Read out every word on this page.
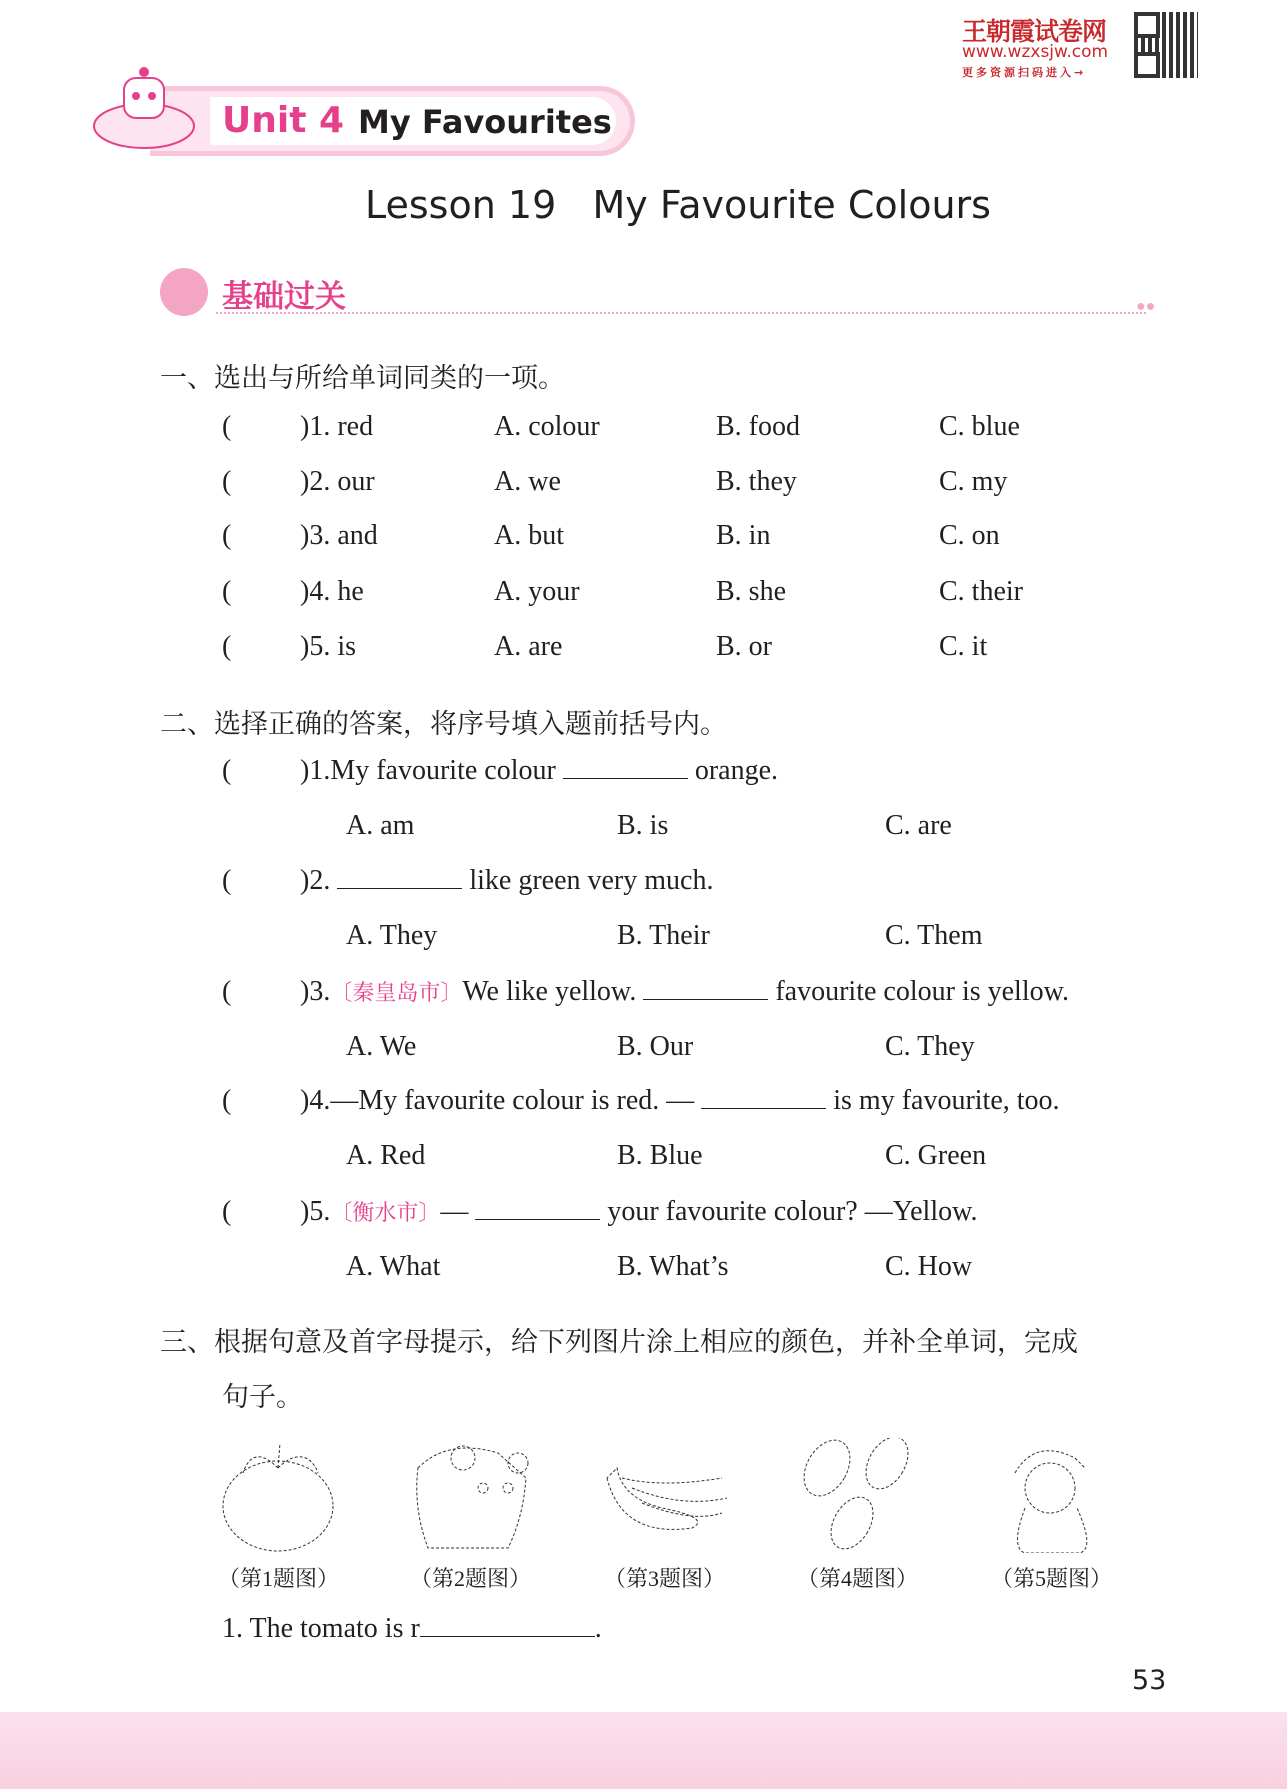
王朝霞试卷网
www.wzxsjw.com
更多资源扫码进入→
Unit 4 My Favourites
Lesson 19   My Favourite Colours
基础过关	●●
一、选出与所给单词同类的一项。
( )1. red	A. colour	B. food	C. blue
( )2. our	A. we	B. they	C. my
( )3. and	A. but	B. in	C. on
( )4. he	A. your	B. she	C. their
( )5. is	A. are	B. or	C. it
二、选择正确的答案，将序号填入题前括号内。
( )1.My favourite colour	orange.
A. am	B. is	C. are
( )2.	like green very much.
A. They	B. Their	C. Them
( )3.〔秦皇岛市〕We like yellow.	favourite colour is yellow.
A. We	B. Our	C. They
( )4.—My favourite colour is red. —	is my favourite, too.
A. Red	B. Blue	C. Green
( )5.〔衡水市〕—	your favourite colour? —Yellow.
A. What	B. What’s	C. How
三、根据句意及首字母提示，给下列图片涂上相应的颜色，并补全单词，完成
句子。
（第1题图）	（第2题图）	（第3题图）	（第4题图）	（第5题图）
1. The tomato is r	.
53
